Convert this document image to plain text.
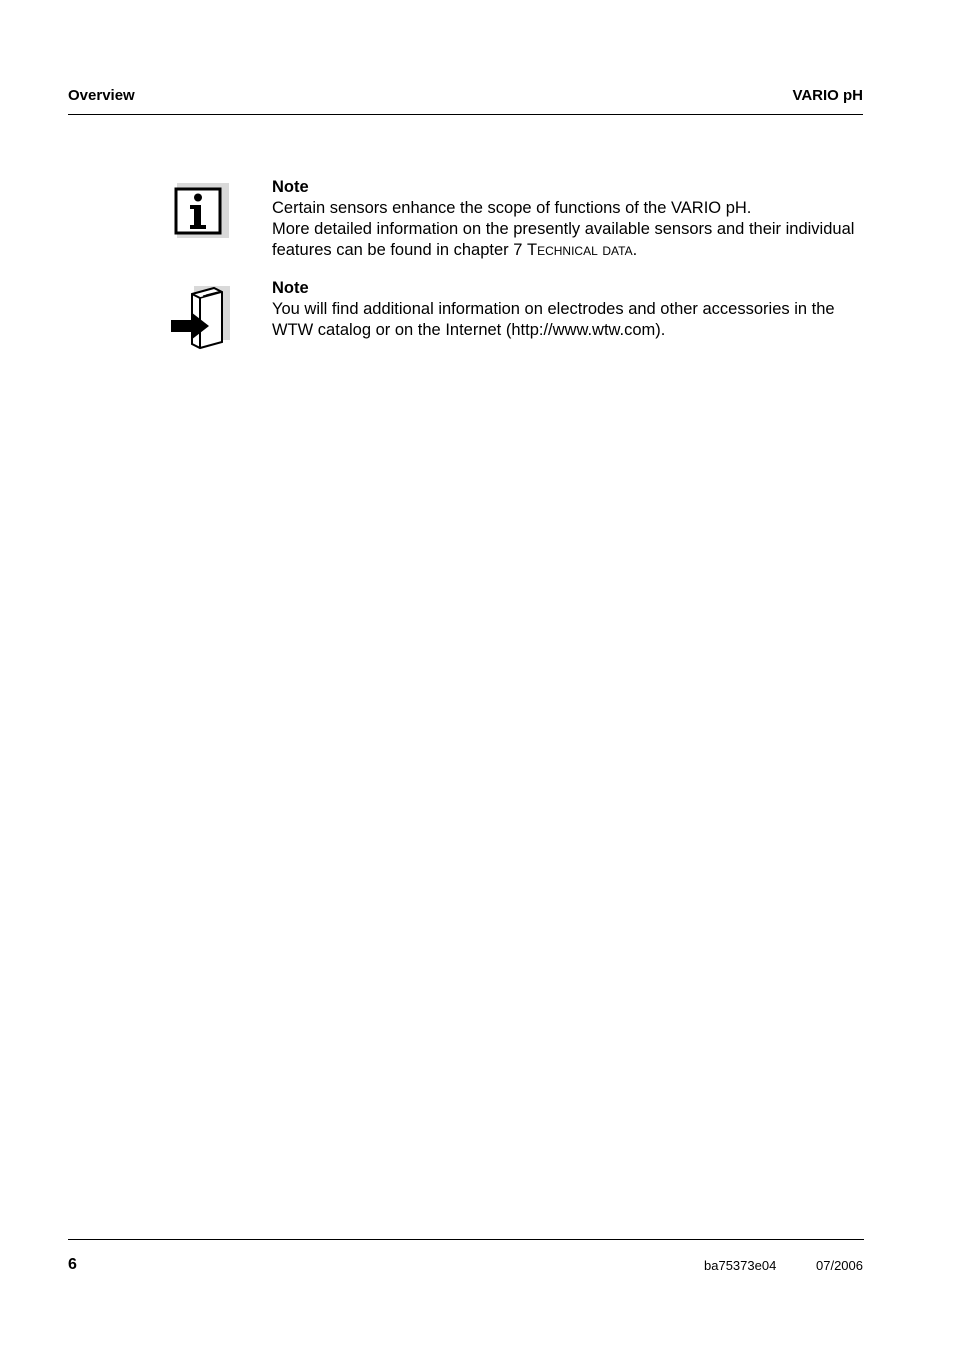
Overview	VARIO pH
Note

Certain sensors enhance the scope of functions of the VARIO pH.
More detailed information on the presently available sensors and their individual features can be found in chapter 7 Technical data.

Note

You will find additional information on electrodes and other accessories in the WTW catalog or on the Internet (http://www.wtw.com).

6	ba75373e04	07/2006
